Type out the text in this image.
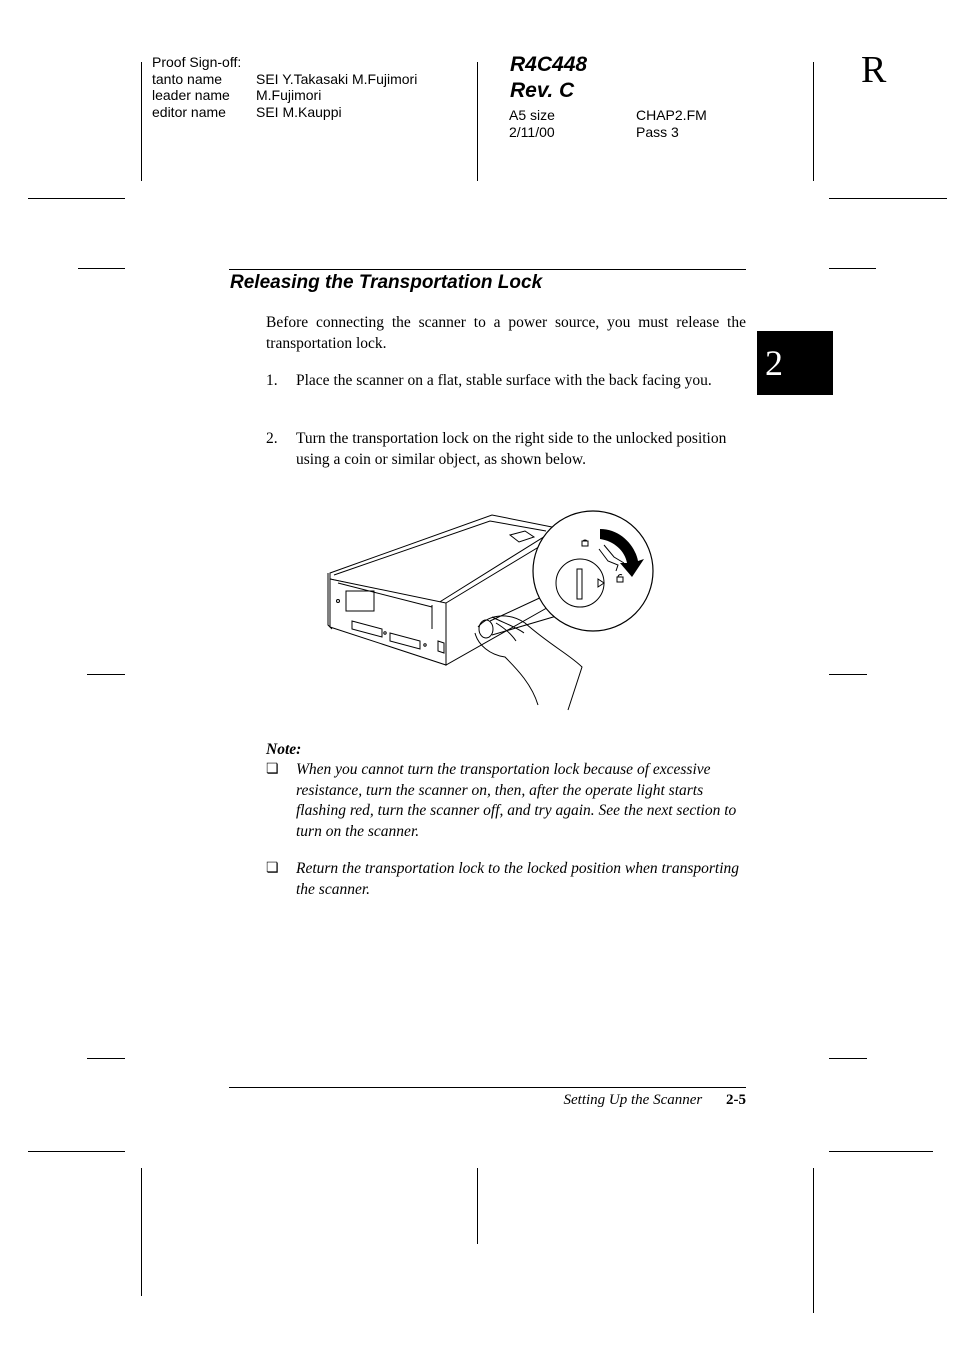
Proof Sign-off:
tanto name	SEI Y.Takasaki M.Fujimori
leader name	M.Fujimori
editor name	SEI M.Kauppi
R4C448
Rev. C
A5 size	CHAP2.FM
2/11/00	Pass 3
R
2
Releasing the Transportation Lock
Before connecting the scanner to a power source, you must release the transportation lock.
1. Place the scanner on a flat, stable surface with the back facing you.
2. Turn the transportation lock on the right side to the unlocked position using a coin or similar object, as shown below.
Note:
❏ When you cannot turn the transportation lock because of excessive resistance, turn the scanner on, then, after the operate light starts flashing red, turn the scanner off, and try again. See the next section to turn on the scanner.
❏ Return the transportation lock to the locked position when transporting the scanner.
Setting Up the Scanner 2-5
